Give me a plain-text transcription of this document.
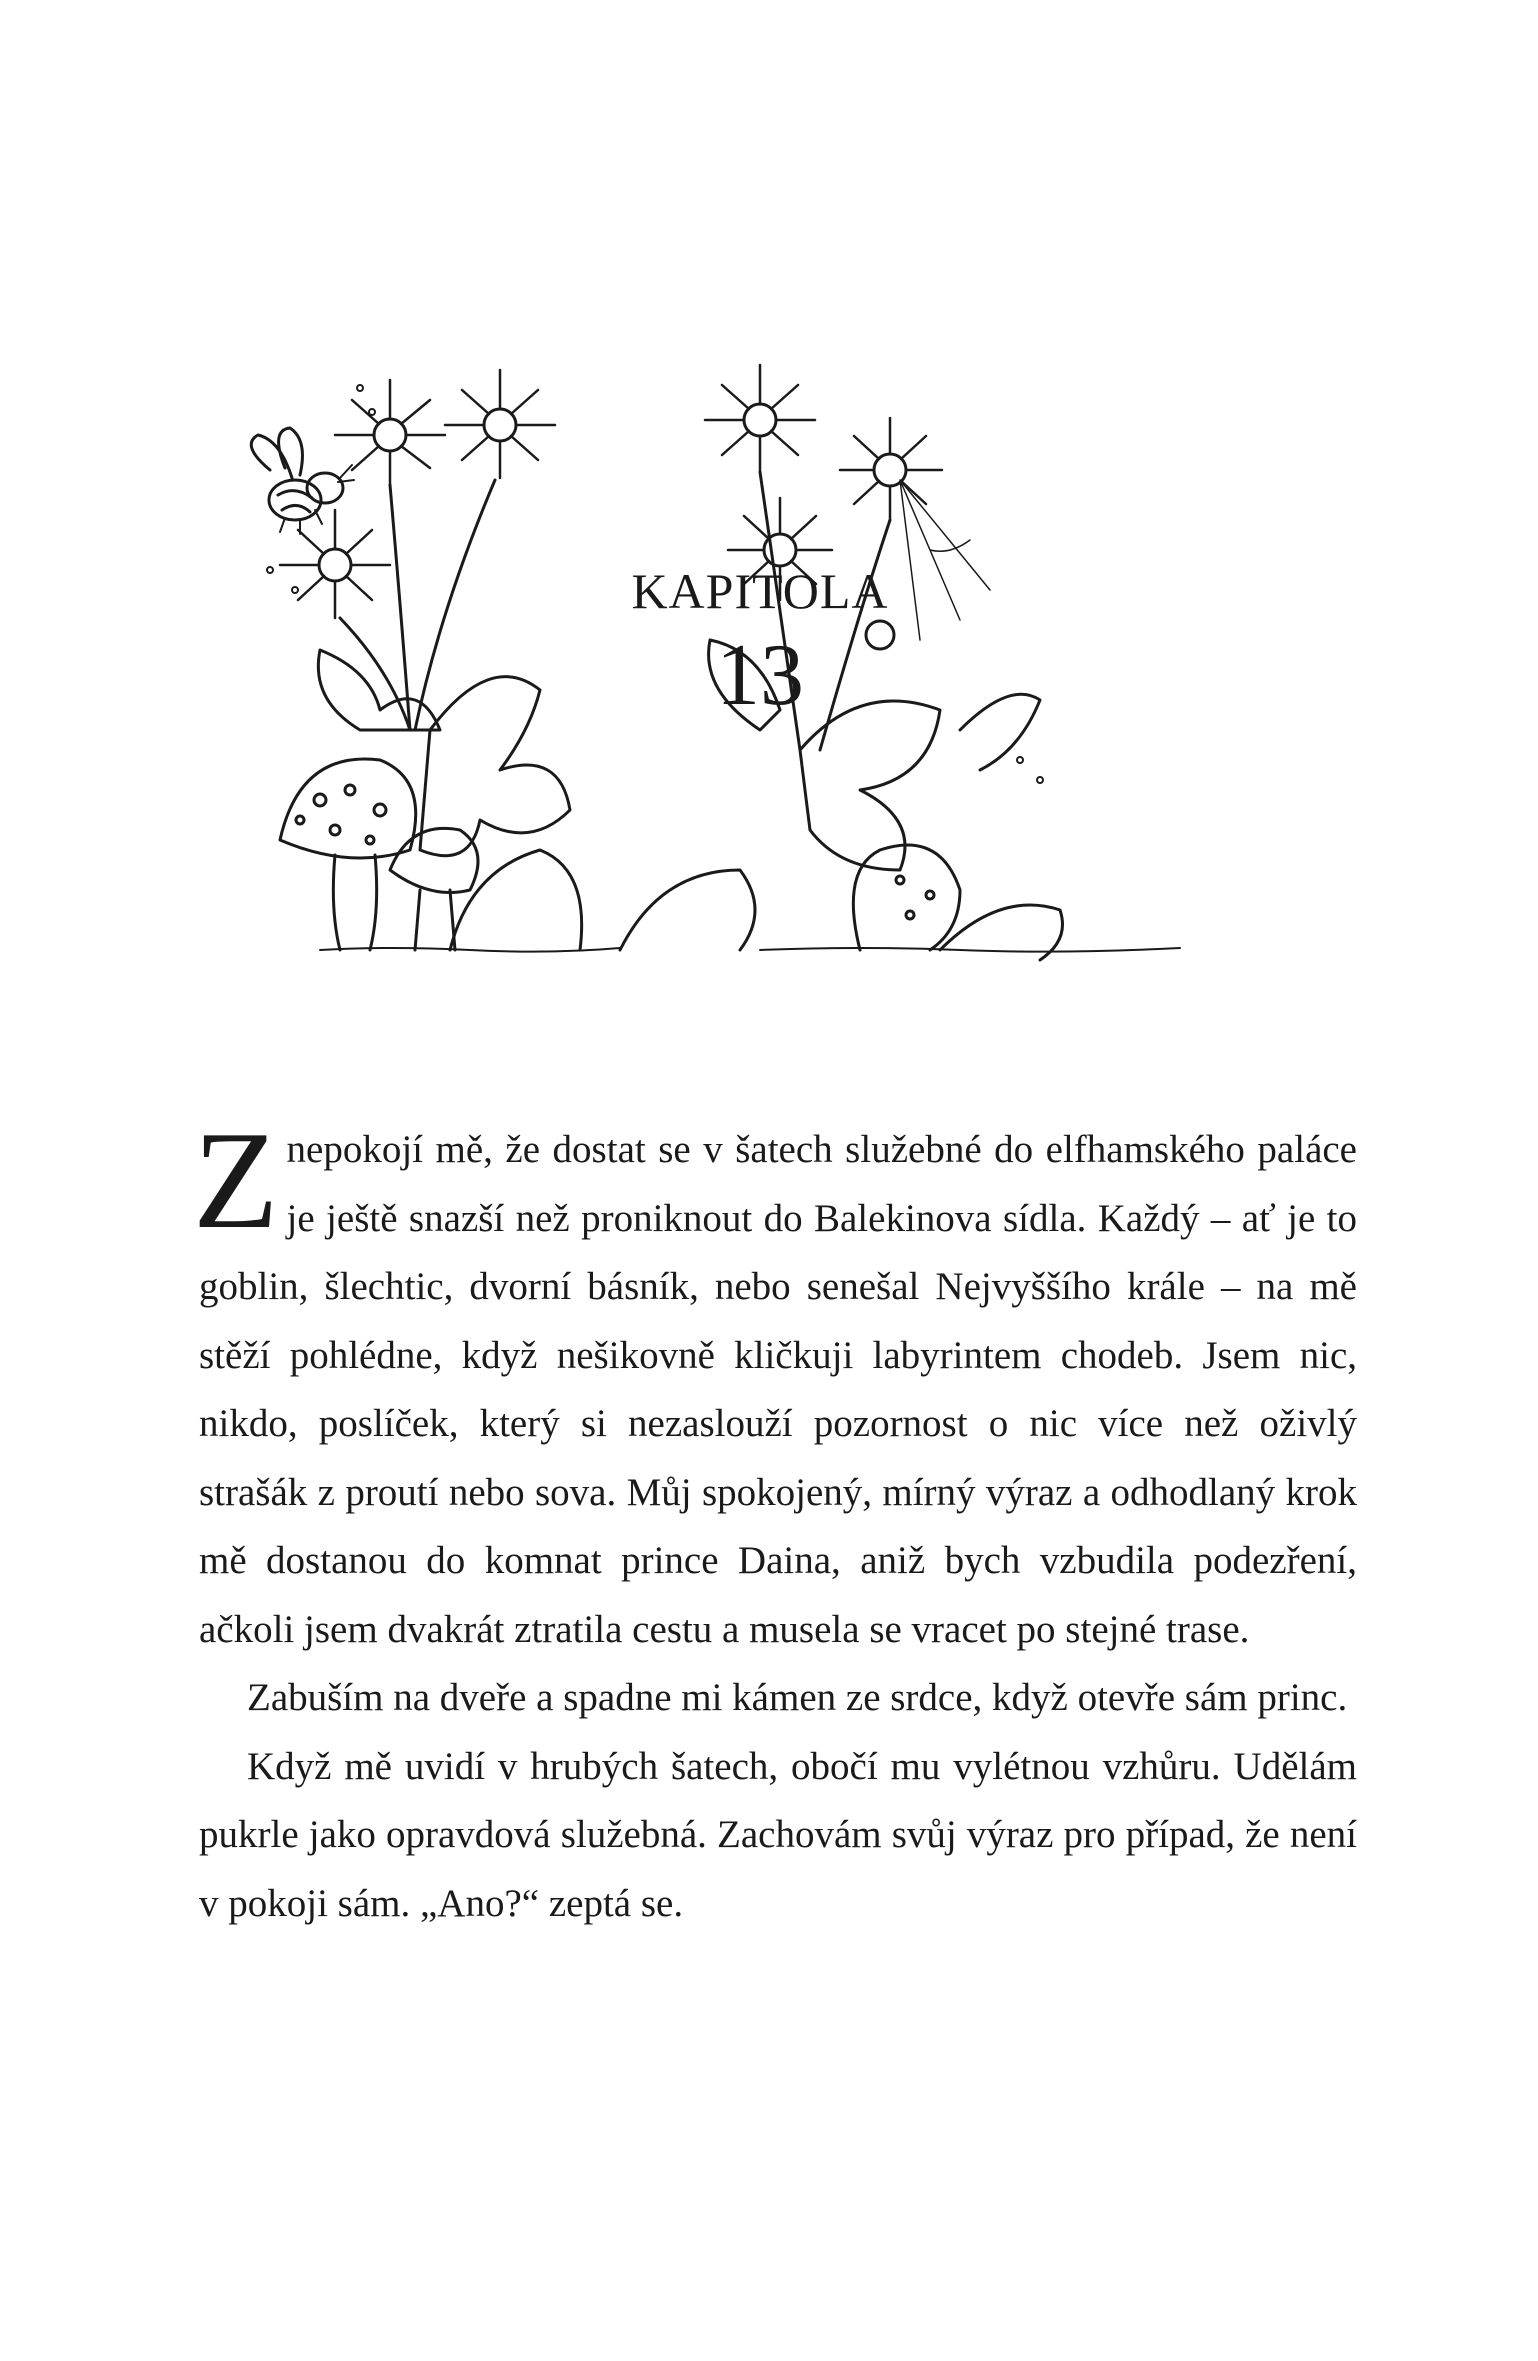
KAPITOLA
13

Znepokojí mě, že dostat se v šatech služebné do elfhamského paláce je ještě snazší než proniknout do Balekinova sídla. Každý – ať je to goblin, šlechtic, dvorní básník, nebo senešal Nejvyššího krále – na mě stěží pohlédne, když nešikovně kličkuji labyrintem chodeb. Jsem nic, nikdo, poslíček, který si nezaslouží pozornost o nic více než oživlý strašák z proutí nebo sova. Můj spokojený, mírný výraz a odhodlaný krok mě dostanou do komnat prince Daina, aniž bych vzbudila podezření, ačkoli jsem dvakrát ztratila cestu a musela se vracet po stejné trase.

Zabuším na dveře a spadne mi kámen ze srdce, když otevře sám princ.

Když mě uvidí v hrubých šatech, obočí mu vylétnou vzhůru. Udělám pukrle jako opravdová služebná. Zachovám svůj výraz pro případ, že není v pokoji sám. „Ano?“ zeptá se.
